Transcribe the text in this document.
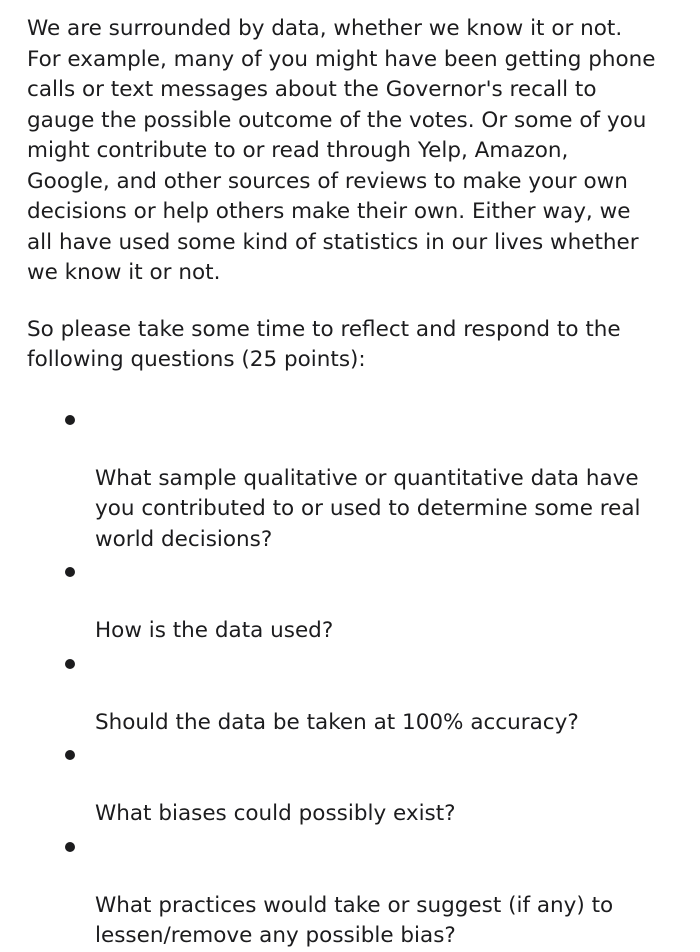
We are surrounded by data, whether we know it or not.
For example, many of you might have been getting phone
calls or text messages about the Governor's recall to
gauge the possible outcome of the votes. Or some of you
might contribute to or read through Yelp, Amazon,
Google, and other sources of reviews to make your own
decisions or help others make their own. Either way, we
all have used some kind of statistics in our lives whether
we know it or not.

So please take some time to reflect and respond to the
following questions (25 points):

What sample qualitative or quantitative data have
you contributed to or used to determine some real
world decisions?

How is the data used?

Should the data be taken at 100% accuracy?

What biases could possibly exist?

What practices would take or suggest (if any) to
lessen/remove any possible bias?
